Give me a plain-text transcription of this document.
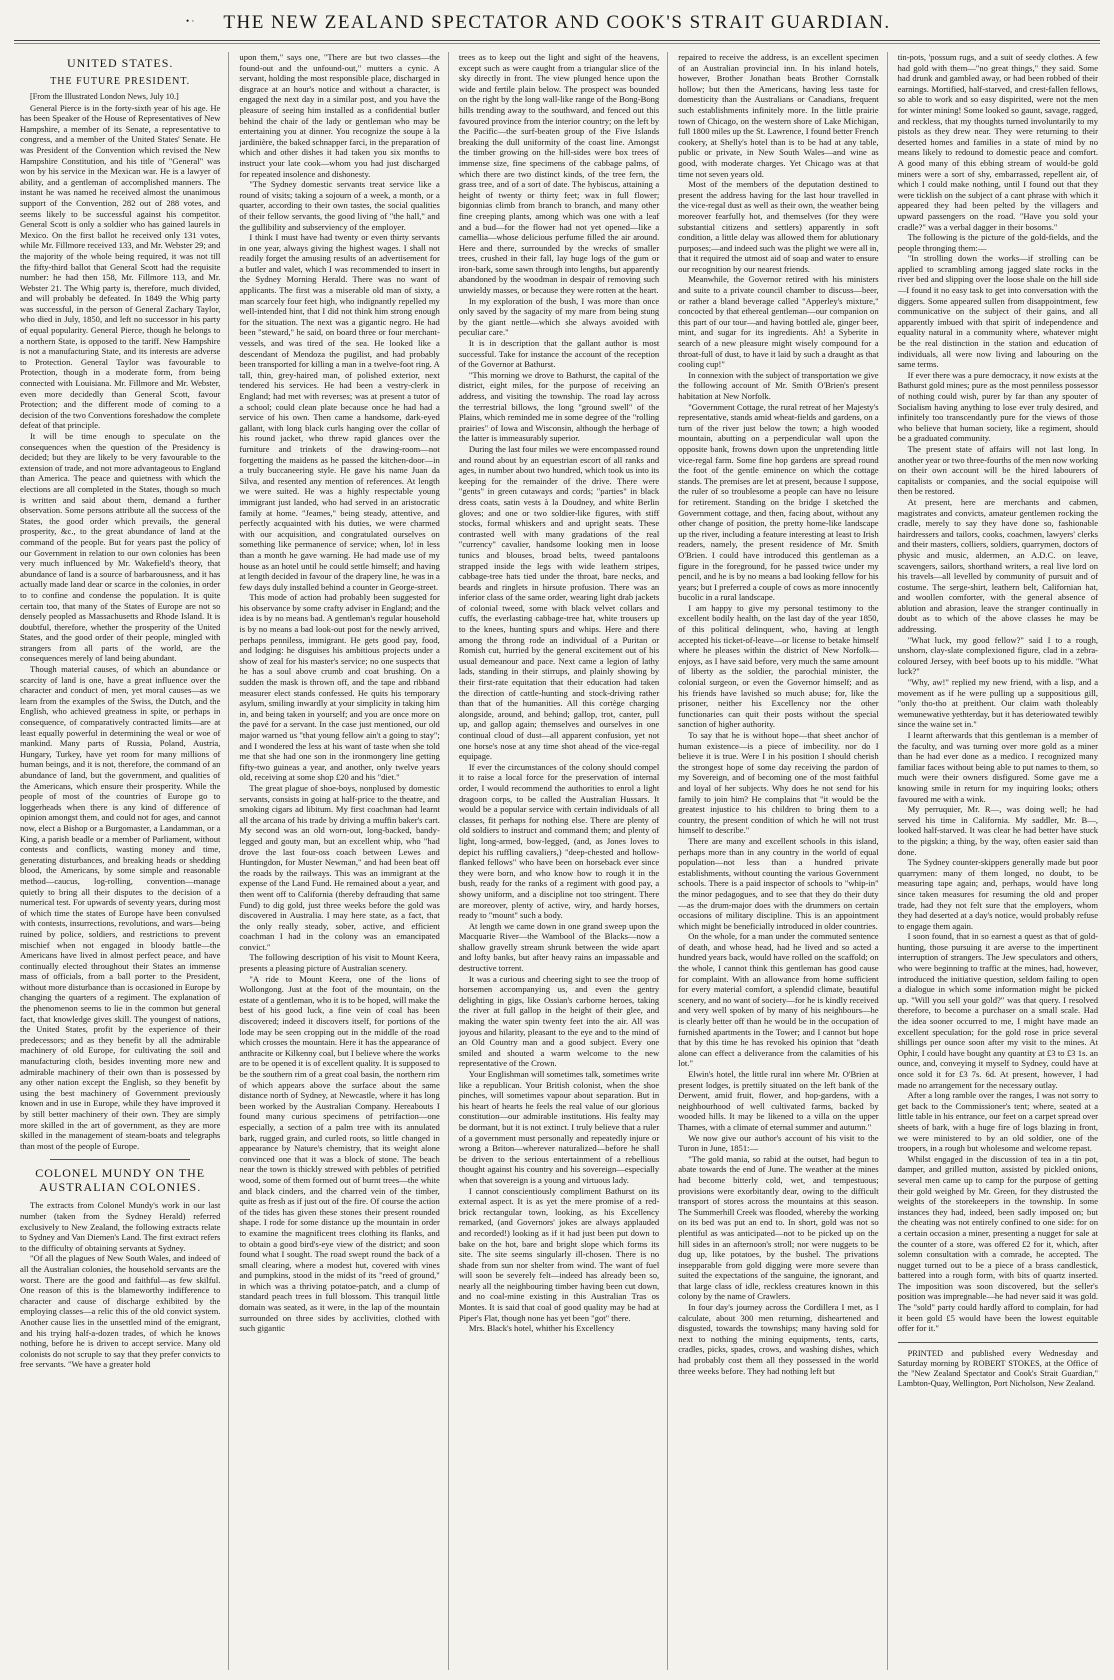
• ·	THE NEW ZEALAND SPECTATOR AND COOK'S STRAIT GUARDIAN.
UNITED STATES.
THE FUTURE PRESIDENT.

[From the Illustrated London News, July 10.]

General Pierce is in the forty-sixth year of his age. He has been Speaker of the House of Representatives of New Hampshire, a member of its Senate, a representative to congress, and a member of the United States' Senate. He was President of the Convention which revised the New Hampshire Constitution, and his title of "General" was won by his service in the Mexican war. He is a lawyer of ability, and a gentleman of accomplished manners. The instant he was named he received almost the unanimous support of the Convention, 282 out of 288 votes, and seems likely to be successful against his competitor. General Scott is only a soldier who has gained laurels in Mexico. On the first ballot he received only 131 votes, while Mr. Fillmore received 133, and Mr. Webster 29; and the majority of the whole being required, it was not till the fifty-third ballot that General Scott had the requisite number: he had then 158, Mr. Fillmore 113, and Mr. Webster 21. The Whig party is, therefore, much divided, and will probably be defeated. In 1849 the Whig party was successful, in the person of General Zachary Taylor, who died in July, 1850, and left no successor in his party of equal popularity. General Pierce, though he belongs to a northern State, is opposed to the tariff. New Hampshire is not a manufacturing State, and its interests are adverse to Protection. General Taylor was favourable to Protection, though in a moderate form, from being connected with Louisiana. Mr. Fillmore and Mr. Webster, even more decidedly than General Scott, favour Protection; and the different mode of coming to a decision of the two Conventions foreshadow the complete defeat of that principle.

It will be time enough to speculate on the consequences when the question of the Presidency is decided; but they are likely to be very favourable to the extension of trade, and not more advantageous to England than America. The peace and quietness with which the elections are all completed in the States, though so much is written and said about them, demand a further observation. Some persons attribute all the success of the States, the good order which prevails, the general prosperity, &c., to the great abundance of land at the command of the people. But for years past the policy of our Government in relation to our own colonies has been very much influenced by Mr. Wakefield's theory, that abundance of land is a source of barbarousness, and it has actually made land dear or scarce in the colonies, in order to to confine and condense the population. It is quite certain too, that many of the States of Europe are not so densely peopled as Massachusetts and Rhode Island. It is doubtful, therefore, whether the prosperity of the United States, and the good order of their people, mingled with strangers from all parts of the world, are the consequences merely of land being abundant.

Though material causes, of which an abundance or scarcity of land is one, have a great influence over the character and conduct of men, yet moral causes—as we learn from the examples of the Swiss, the Dutch, and the English, who achieved greatness in spite, or perhaps in consequence, of comparatively contracted limits—are at least equally powerful in determining the weal or woe of mankind. Many parts of Russia, Poland, Austria, Hungary, Turkey, have yet room for many millions of human beings, and it is not, therefore, the command of an abundance of land, but the government, and qualities of the Americans, which ensure their prosperity. While the people of most of the countries of Europe go to loggerheads when there is any kind of difference of opinion amongst them, and could not for ages, and cannot now, elect a Bishop or a Burgomaster, a Landamman, or a King, a parish beadle or a member of Parliament, without contests and conflicts, wasting money and time, generating disturbances, and breaking heads or shedding blood, the Americans, by some simple and reasonable method—caucus, log-rolling, convention—manage quietly to bring all their disputes to the decision of a numerical test. For upwards of seventy years, during most of which time the states of Europe have been convulsed with contests, insurrections, revolutions, and wars—being ruined by police, soldiers, and restrictions to prevent mischief when not engaged in bloody battle—the Americans have lived in almost perfect peace, and have continually elected throughout their States an immense mass of officials, from a ball porter to the President, without more disturbance than is occasioned in Europe by changing the quarters of a regiment. The explanation of the phenomenon seems to lie in the common but general fact, that knowledge gives skill. The youngest of nations, the United States, profit by the experience of their predecessors; and as they benefit by all the admirable machinery of old Europe, for cultivating the soil and manufacturing cloth, besides inventing more new and admirable machinery of their own than is possessed by any other nation except the English, so they benefit by using the best machinery of Government previously known and in use in Europe, while they have improved it by still better machinery of their own. They are simply more skilled in the art of government, as they are more skilled in the management of steam-boats and telegraphs than most of the people of Europe.

COLONEL MUNDY ON THE AUSTRALIAN COLONIES.

The extracts from Colonel Mundy's work in our last number (taken from the Sydney Herald) referred exclusively to New Zealand, the following extracts relate to Sydney and Van Diemen's Land. The first extract refers to the difficulty of obtaining servants at Sydney.

"Of all the plagues of New South Wales, and indeed of all the Australian colonies, the household servants are the worst. There are the good and faithful—as few skilful. One reason of this is the blameworthy indifference to character and cause of discharge exhibited by the employing classes—a relic this of the old convict system. Another cause lies in the unsettled mind of the emigrant, and his trying half-a-dozen trades, of which he knows nothing, before he is driven to accept service. Many old colonists do not scruple to say that they prefer convicts to free servants. "We have a greater hold

upon them," says one, "There are but two classes—the found-out and the unfound-out," mutters a cynic. A servant, holding the most responsible place, discharged in disgrace at an hour's notice and without a character, is engaged the next day in a similar post, and you have the pleasure of seeing him installed as a confidential butler behind the chair of the lady or gentleman who may be entertaining you at dinner. You recognize the soupe à la jardinière, the baked schnapper farci, in the preparation of which and other dishes it had taken you six months to instruct your late cook—whom you had just discharged for repeated insolence and dishonesty.

"The Sydney domestic servants treat service like a round of visits; taking a sojourn of a week, a month, or a quarter, according to their own tastes, the social qualities of their fellow servants, the good living of "the hall," and the gullibility and subserviency of the employer.

I think I must have had twenty or even thirty servants in one year, always giving the highest wages. I shall not readily forget the amusing results of an advertisement for a butler and valet, which I was recommended to insert in the Sydney Morning Herald. There was no want of applicants. The first was a miserable old man of sixty, a man scarcely four feet high, who indignantly repelled my well-intended hint, that I did not think him strong enough for the situation. The next was a gigantic negro. He had been "steward," he said, on board three or four merchant-vessels, and was tired of the sea. He looked like a descendant of Mendoza the pugilist, and had probably been transported for killing a man in a twelve-foot ring. A tall, thin, grey-haired man, of polished exterior, next tendered his services. He had been a vestry-clerk in England; had met with reverses; was at present a tutor of a school; could clean plate because once he had had a service of his own. Then came a handsome, dark-eyed gallant, with long black curls hanging over the collar of his round jacket, who threw rapid glances over the furniture and trinkets of the drawing-room—not forgetting the maidens as he passed the kitchen-door—in a truly buccaneering style. He gave his name Juan da Silva, and resented any mention of references. At length we were suited. He was a highly respectable young immigrant just landed, who had served in an aristocratic family at home. "Jeames," being steady, attentive, and perfectly acquainted with his duties, we were charmed with our acquisition, and congratulated ourselves on something like permanence of service; when, lo! in less than a month he gave warning. He had made use of my house as an hotel until he could settle himself; and having at length decided in favour of the drapery line, he was in a few days duly installed behind a counter in George-street.

This mode of action had probably been suggested for his observance by some crafty adviser in England; and the idea is by no means bad. A gentleman's regular household is by no means a bad look-out post for the newly arrived, perhaps penniless, immigrant. He gets good pay, food, and lodging: he disguises his ambitious projects under a show of zeal for his master's service; no one suspects that he has a soul above crumb and coat brushing. On a sudden the mask is thrown off, and the tape and ribband measurer elect stands confessed. He quits his temporary asylum, smiling inwardly at your simplicity in taking him in, and being taken in yourself; and you are once more on the pavé for a servant. In the case just mentioned, our old major warned us "that young fellow ain't a going to stay"; and I wondered the less at his want of taste when she told me that she had one son in the ironmongery line getting fifty-two guineas a year, and another, only twelve years old, receiving at some shop £20 and his "diet."

The great plague of shoe-boys, nonplused by domestic servants, consists in going at half-price to the theatre, and smoking cigars ad libitum. My first coachman had learnt all the arcana of his trade by driving a muffin baker's cart. My second was an old worn-out, long-backed, bandy-legged and gouty man, but an excellent whip, who "had drove the last four-oss coach between Lewes and Huntingdon, for Muster Newman," and had been beat off the roads by the railways. This was an immigrant at the expense of the Land Fund. He remained about a year, and then went off to California (thereby defrauding that same Fund) to dig gold, just three weeks before the gold was discovered in Australia. I may here state, as a fact, that the only really steady, sober, active, and efficient coachman I had in the colony was an emancipated convict."

The following description of his visit to Mount Keera, presents a pleasing picture of Australian scenery.

"A ride to Mount Keera, one of the lions of Wollongong. Just at the foot of the mountain, on the estate of a gentleman, who it is to be hoped, will make the best of his good luck, a fine vein of coal has been discovered; indeed it discovers itself, for portions of the lode may be seen cropping out in the middle of the road which crosses the mountain. Here it has the appearance of anthracite or Kilkenny coal, but I believe where the works are to be opened it is of excellent quality. It is supposed to be the southern rim of a great coal basin, the northern rim of which appears above the surface about the same distance north of Sydney, at Newcastle, where it has long been worked by the Australian Company. Hereabouts I found many curious specimens of petrifaction—one especially, a section of a palm tree with its annulated bark, rugged grain, and curled roots, so little changed in appearance by Nature's chemistry, that its weight alone convinced one that it was a block of stone. The beach near the town is thickly strewed with pebbles of petrified wood, some of them formed out of burnt trees—the white and black cinders, and the charred vein of the timber, quite as fresh as if just out of the fire. Of course the action of the tides has given these stones their present rounded shape. I rode for some distance up the mountain in order to examine the magnificent trees clothing its flanks, and to obtain a good bird's-eye view of the district; and soon found what I sought. The road swept round the back of a small clearing, where a modest hut, covered with vines and pumpkins, stood in the midst of its "reed of ground," in which was a thriving potatoe-patch, and a clump of standard peach trees in full blossom. This tranquil little domain was seated, as it were, in the lap of the mountain surrounded on three sides by acclivities, clothed with such gigantic

trees as to keep out the light and sight of the heavens, except such as were caught from a triangular slice of the sky directly in front. The view plunged hence upon the wide and fertile plain below. The prospect was bounded on the right by the long wall-like range of the Bong-Bong hills trending away to the southward, and fenced out this favoured province from the interior country; on the left by the Pacific—the surf-beaten group of the Five Islands breaking the dull uniformity of the coast line. Amongst the timber growing on the hill-sides were box trees of immense size, fine specimens of the cabbage palms, of which there are two distinct kinds, of the tree fern, the grass tree, and of a sort of date. The hybiscus, attaining a height of twenty or thirty feet; wax in full flower; bigonnias climb from branch to branch, and many other fine creeping plants, among which was one with a leaf and a bud—for the flower had not yet opened—like a camellia—whose delicious perfume filled the air around. Here and there, surrounded by the wrecks of smaller trees, crushed in their fall, lay huge logs of the gum or iron-bark, some sawn through into lengths, but apparently abandoned by the woodman in despair of removing such unwieldy masses, or because they were rotten at the heart.

In my exploration of the bush, I was more than once only saved by the sagacity of my mare from being stung by the giant nettle—which she always avoided with peculiar care."

It is in description that the gallant author is most successful. Take for instance the account of the reception of the Governor at Bathurst.

"This morning we drove to Bathurst, the capital of the district, eight miles, for the purpose of receiving an address, and visiting the township. The road lay across the terrestrial billows, the long "ground swell" of the Plains, which reminded me in some degree of the "rolling prairies" of Iowa and Wisconsin, although the herbage of the latter is immeasurably superior.

During the last four miles we were encompassed round and round about by an equestrian escort of all ranks and ages, in number about two hundred, which took us into its keeping for the remainder of the drive. There were "gents" in green cutaways and cords; "parties" in black dress coats, satin vests à la Doudney, and white Berlin gloves; and one or two soldier-like figures, with stiff stocks, formal whiskers and and upright seats. These contrasted well with many gradations of the real "currency" cavalier, handsome looking men in loose tunics and blouses, broad belts, tweed pantaloons strapped inside the legs with wide leathern stripes, cabbage-tree hats tied under the throat, bare necks, and beards and ringlets in hirsute profusion. There was an inferior class of the same order, wearing light drab jackets of colonial tweed, some with black velvet collars and cuffs, the everlasting cabbage-tree hat, white trousers up to the knees, hunting spurs and whips. Here and there among the throng rode an individual of a Puritan or Romish cut, hurried by the general excitement out of his usual demeanour and pace. Next came a legion of lathy lads, standing in their stirrups, and plainly showing by their first-rate equitation that their education had taken the direction of cattle-hunting and stock-driving rather than that of the humanities. All this cortège charging alongside, around, and behind; gallop, trot, canter, pull up, and gallop again; themselves and ourselves in one continual cloud of dust—all apparent confusion, yet not one horse's nose at any time shot ahead of the vice-regal equipage.

If ever the circumstances of the colony should compel it to raise a local force for the preservation of internal order, I would recommend the authorities to enrol a light dragoon corps, to be called the Australian Hussars. It would be a popular service with certain individuals of all classes, fit perhaps for nothing else. There are plenty of old soldiers to instruct and command them; and plenty of light, long-armed, bow-legged, (and, as Jones loves to depict his ruffling cavaliers,) "deep-chested and hollow-flanked fellows" who have been on horseback ever since they were born, and who know how to rough it in the bush, ready for the ranks of a regiment with good pay, a showy uniform, and a discipline not too stringent. There are moreover, plenty of active, wiry, and hardy horses, ready to "mount" such a body.

At length we came down in one grand sweep upon the Macquarie River—the Wambool of the Blacks—now a shallow gravelly stream shrunk between the wide apart and lofty banks, but after heavy rains an impassable and destructive torrent.

It was a curious and cheering sight to see the troop of horsemen accompanying us, and even the gentry delighting in gigs, like Ossian's carborne heroes, taking the river at full gallop in the height of their glee, and making the water spin twenty feet into the air. All was joyous and hilarity, pleasant to the eye and to the mind of an Old Country man and a good subject. Every one smiled and shouted a warm welcome to the new representative of the Crown.

Your Englishman will sometimes talk, sometimes write like a republican. Your British colonist, when the shoe pinches, will sometimes vapour about separation. But in his heart of hearts he feels the real value of our glorious constitution—our admirable institutions. His fealty may be dormant, but it is not extinct. I truly believe that a ruler of a government must personally and repeatedly injure or wrong a Briton—wherever naturalized—before he shall be driven to the serious entertainment of a rebellious thought against his country and his sovereign—especially when that sovereign is a young and virtuous lady.

I cannot conscientiously compliment Bathurst on its external aspect. It is as yet the mere promise of a red-brick rectangular town, looking, as his Excellency remarked, (and Governors' jokes are always applauded and recorded!) looking as if it had just been put down to bake on the hot, bare and bright slope which forms its site. The site seems singularly ill-chosen. There is no shade from sun nor shelter from wind. The want of fuel will soon be severely felt—indeed has already been so, nearly all the neighbouring timber having been cut down, and no coal-mine existing in this Australian Tras os Montes. It is said that coal of good quality may be had at Piper's Flat, though none has yet been "got" there.

Mrs. Black's hotel, whither his Excellency

repaired to receive the address, is an excellent specimen of an Australian provincial inn. In his inland hotels, however, Brother Jonathan beats Brother Cornstalk hollow; but then the Americans, having less taste for domesticity than the Australians or Canadians, frequent such establishments infinitely more. In the little prairie town of Chicago, on the western shore of Lake Michigan, full 1800 miles up the St. Lawrence, I found better French cookery, at Shelly's hotel than is to be had at any table, public or private, in New South Wales—and wine as good, with moderate charges. Yet Chicago was at that time not seven years old.

Most of the members of the deputation destined to present the address having for the last hour travelled in the vice-regal dust as well as their own, the weather being moreover fearfully hot, and themselves (for they were substantial citizens and settlers) apparently in soft condition, a little delay was allowed them for ablutionary purposes;—and indeed such was the plight we were all in, that it required the utmost aid of soap and water to ensure our recognition by our nearest friends.

Meanwhile, the Governor retired with his ministers and suite to a private council chamber to discuss—beer, or rather a bland beverage called "Apperley's mixture," concocted by that ethereal gentleman—our companion on this part of our tour—and having bottled ale, ginger beer, mint, and sugar for its ingredients. Ah! a Syberite in search of a new pleasure might wisely compound for a throat-full of dust, to have it laid by such a draught as that cooling cup!"

In connexion with the subject of transportation we give the following account of Mr. Smith O'Brien's present habitation at New Norfolk.

"Government Cottage, the rural retreat of her Majesty's representative, stands amid wheat-fields and gardens, on a turn of the river just below the town; a high wooded mountain, abutting on a perpendicular wall upon the opposite bank, frowns down upon the unpretending little vice-regal farm. Some fine hop gardens are spread round the foot of the gentle eminence on which the cottage stands. The premises are let at present, because I suppose, the ruler of so troublesome a people can have no leisure for retirement. Standing on the bridge I sketched the Government cottage, and then, facing about, without any other change of position, the pretty home-like landscape up the river, including a feature interesting at least to Irish readers, namely, the present residence of Mr. Smith O'Brien. I could have introduced this gentleman as a figure in the foreground, for he passed twice under my pencil, and he is by no means a bad looking fellow for his years; but I preferred a couple of cows as more innocently bucolic in a rural landscape.

I am happy to give my personal testimony to the excellent bodily health, on the last day of the year 1850, of this political delinquent, who, having at length accepted his ticket-of-leave—or license to betake himself where he pleases within the district of New Norfolk—enjoys, as I have said before, very much the same amount of liberty as the soldier, the parochial minister, the colonial surgeon, or even the Governor himself; and as his friends have lavished so much abuse; for, like the prisoner, neither his Excellency nor the other functionaries can quit their posts without the special sanction of higher authority.

To say that he is without hope—that sheet anchor of human existence—is a piece of imbecility. nor do I believe it is true. Were I in his position I should cherish the strongest hope of some day receiving the pardon of my Sovereign, and of becoming one of the most faithful and loyal of her subjects. Why does he not send for his family to join him? He complains that "it would be the greatest injustice to his children to bring them to a country, the present condition of which he will not trust himself to describe."

There are many and excellent schools in this island, perhaps more than in any country in the world of equal population—not less than a hundred private establishments, without counting the various Government schools. There is a paid inspector of schools to "whip-in" the minor pedagogues, and to see that they do their duty—as the drum-major does with the drummers on certain occasions of military discipline. This is an appointment which might be beneficially introduced in older countries.

On the whole, for a man under the commuted sentence of death, and whose head, had he lived and so acted a hundred years back, would have rolled on the scaffold; on the whole, I cannot think this gentleman has good cause for complaint. With an allowance from home sufficient for every material comfort, a splendid climate, beautiful scenery, and no want of society—for he is kindly received and very well spoken of by many of his neighbours—he is clearly better off than he would be in the occupation of furnished apartments in the Tower; and I cannot but hope that by this time he has revoked his opinion that "death alone can effect a deliverance from the calamities of his lot."

Elwin's hotel, the little rural inn where Mr. O'Brien at present lodges, is prettily situated on the left bank of the Derwent, amid fruit, flower, and hop-gardens, with a neighbourhood of well cultivated farms, backed by wooded hills. It may be likened to a villa on the upper Thames, with a climate of eternal summer and autumn."

We now give our author's account of his visit to the Turon in June, 1851:—

"The gold mania, so rabid at the outset, had begun to abate towards the end of June. The weather at the mines had become bitterly cold, wet, and tempestuous; provisions were exorbitantly dear, owing to the difficult transport of stores across the mountains at this season. The Summerhill Creek was flooded, whereby the working on its bed was put an end to. In short, gold was not so plentiful as was anticipated—not to be picked up on the hill sides in an afternoon's stroll; nor were nuggets to be dug up, like potatoes, by the bushel. The privations insepparable from gold digging were more severe than suited the expectations of the sanguine, the ignorant, and that large class of idle, reckless creatures known in this colony by the name of Crawlers.

In four day's journey across the Cordillera I met, as I calculate, about 300 men returning, disheartened and disgusted, towards the townships; many having sold for next to nothing the mining equipments, tents, carts, cradles, picks, spades, crows, and washing dishes, which had probably cost them all they possessed in the world three weeks before. They had nothing left but

tin-pots, 'possum rugs, and a suit of seedy clothes. A few had gold with them—"no great things," they said. Some had drunk and gambled away, or had been robbed of their earnings. Mortified, half-starved, and crest-fallen fellows, so able to work and so easy dispirited, were not the men for winter mining! Some looked so gaunt, savage, ragged, and reckless, that my thoughts turned involuntarily to my pistols as they drew near. They were returning to their deserted homes and families in a state of mind by no means likely to redound to domestic peace and comfort. A good many of this ebbing stream of would-be gold miners were a sort of shy, embarrassed, repellent air, of which I could make nothing, until I found out that they were ticklish on the subject of a cant phrase with which it appeared they had been pelted by the villagers and upward passengers on the road. "Have you sold your cradle?" was a verbal dagger in their bosoms."

The following is the picture of the gold-fields, and the people thronging them:—

"In strolling down the works—if strolling can be applied to scrambling among jagged slate rocks in the river bed and slipping over the loose shale on the hill side—I found it no easy task to get into conversation with the diggers. Some appeared sullen from disappointment, few communicative on the subject of their gains, and all apparently imbued with that spirit of independence and equality natural in a community where, whatever might be the real distinction in the station and education of individuals, all were now living and labouring on the same terms.

If ever there was a pure democracy, it now exists at the Bathurst gold mines; pure as the most penniless possessor of nothing could wish, purer by far than any spouter of Socialism having anything to lose ever truly desired, and infinitely too transcendantly pure for the views of those who believe that human society, like a regiment, should be a graduated community.

The present state of affairs will not last long. In another year or two three-fourths of the men now working on their own account will be the hired labourers of capitalists or companies, and the social equipoise will then be restored.

At present, here are merchants and cabmen, magistrates and convicts, amateur gentlemen rocking the cradle, merely to say they have done so, fashionable hairdressers and tailors, cooks, coachmen, lawyers' clerks and their masters, colliers, soldiers, quarrymen, doctors of physic and music, aldermen, an A.D.C. on leave, scavengers, sailors, shorthand writers, a real live lord on his travels—all levelled by community of pursuit and of costume. The serge-shirt, leathern belt, Californian hat, and woollen comforter, with the general absence of ablution and abrasion, leave the stranger continually in doubt as to which of the above classes he may be addressing.

"What luck, my good fellow?" said I to a rough, unshorn, clay-slate complexioned figure, clad in a zebra-coloured Jersey, with beef boots up to his middle. "What luck?"

"Why, aw!" replied my new friend, with a lisp, and a movement as if he were pulling up a suppositious gill, "only tho-tho at preithent. Our claim wath tholeably wemunewative yethterday, but it has deteriowated tewibly since the waine set in."

I learnt afterwards that this gentleman is a member of the faculty, and was turning over more gold as a miner than he had ever done as a medico. I recognized many familiar faces without being able to put names to them, so much were their owners disfigured. Some gave me a knowing smile in return for my inquiring looks; others favoured me with a wink.

My perruquier, Mr. R—, was doing well; he had served his time in California. My saddler, Mr. B—, looked half-starved. It was clear he had better have stuck to the pigskin; a thing, by the way, often easier said than done.

The Sydney counter-skippers generally made but poor quarrymen: many of them longed, no doubt, to be measuring tape again; and, perhaps, would have long since taken measures for resuming the old and proper trade, had they not felt sure that the employers, whom they had deserted at a day's notice, would probably refuse to engage them again.

I soon found, that in so earnest a quest as that of gold-hunting, those pursuing it are averse to the impertinent interruption of strangers. The Jew speculators and others, who were beginning to traffic at the mines, had, however, introduced the initiative question, seldom failing to open a dialogue in which some information might be picked up. "Will you sell your gold?" was that query. I resolved therefore, to become a purchaser on a small scale. Had the idea sooner occurred to me, I might have made an excellent speculation; for the gold rose in price several shillings per ounce soon after my visit to the mines. At Ophir, I could have bought any quantity at £3 to £3 1s. an ounce, and, conveying it myself to Sydney, could have at once sold it for £3 7s. 6d. At present, however, I had made no arrangement for the necessary outlay.

After a long ramble over the ranges, I was not sorry to get back to the Commissioner's tent; where, seated at a little table in his entrance, our feet on a carpet spread over sheets of bark, with a huge fire of logs blazing in front, we were ministered to by an old soldier, one of the troopers, in a rough but wholesome and welcome repast.

Whilst engaged in the discussion of tea in a tin pot, damper, and grilled mutton, assisted by pickled onions, several men came up to camp for the purpose of getting their gold weighed by Mr. Green, for they distrusted the weights of the storekeepers in the township. In some instances they had, indeed, been sadly imposed on; but the cheating was not entirely confined to one side: for on a certain occasion a miner, presenting a nugget for sale at the counter of a store, was offered £2 for it, which, after solemn consultation with a comrade, he accepted. The nugget turned out to be a piece of a brass candlestick, battered into a rough form, with bits of quartz inserted. The imposition was soon discovered, but the seller's position was impregnable—he had never said it was gold. The "sold" party could hardly afford to complain, for had it been gold £5 would have been the lowest equitable offer for it."

PRINTED and published every Wednesday and Saturday morning by ROBERT STOKES, at the Office of the "New Zealand Spectator and Cook's Strait Guardian," Lambton-Quay, Wellington, Port Nicholson, New Zealand.
